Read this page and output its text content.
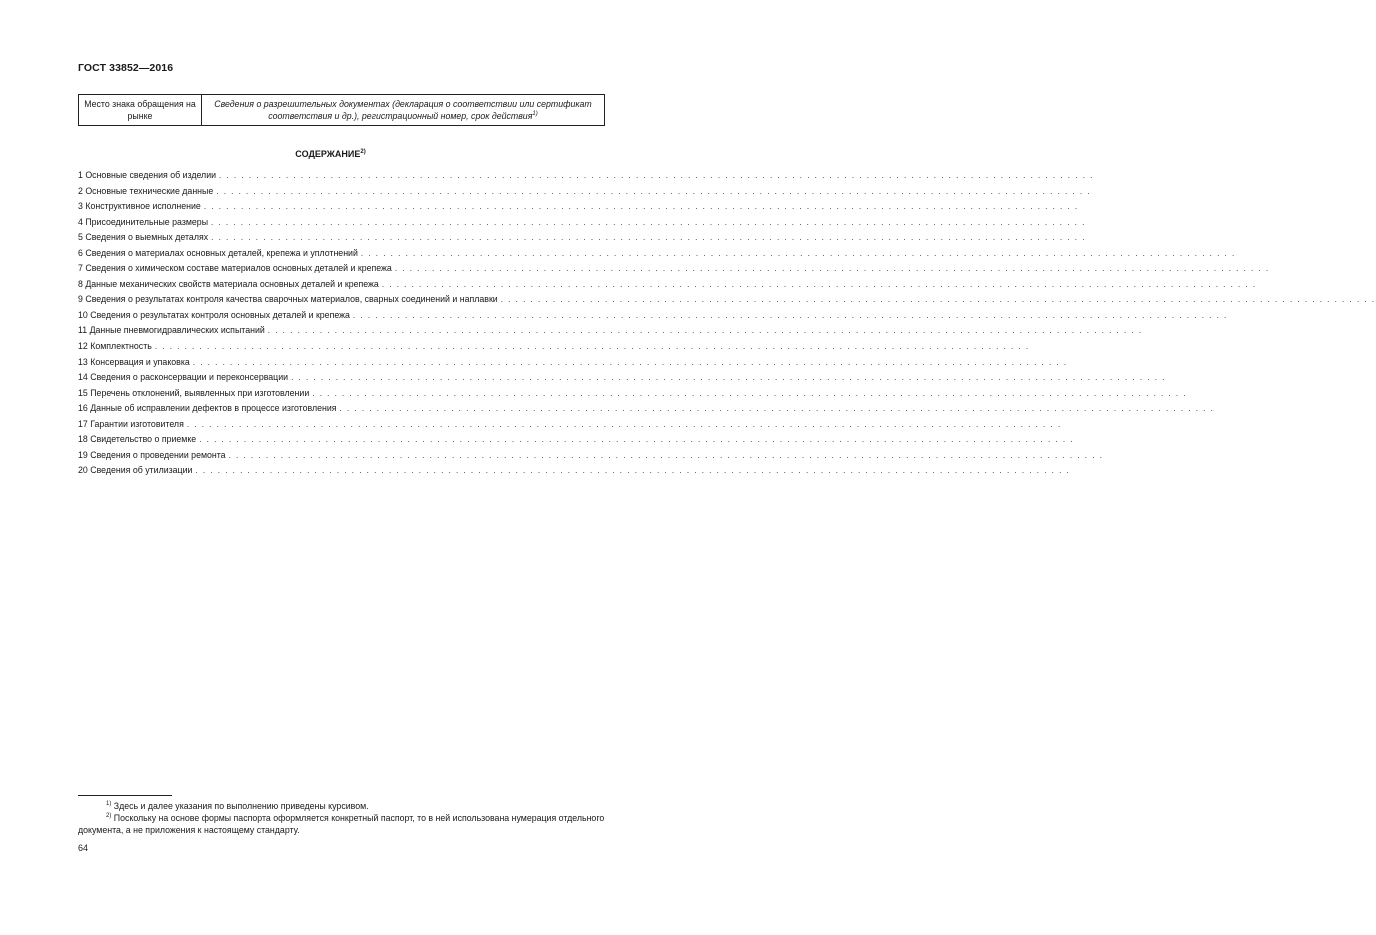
ГОСТ 33852—2016
Место знака обращения на рынке	Сведения о разрешительных документах (декларация о соответствии или сертификат соответствия и др.), регистрационный номер, срок действия$^{1)}$
СОДЕРЖАНИЕ$^{2)}$
1 Основные сведения об изделии . . . . . . . . . . . . . . . . . . . . . . . . . . . . . . . . . . . . . . . . . . . . . . . . . . . . . . . . . . . . . . . . . . . . . . . . . . . . . . . . . . . . . . . . . . . . . . . . . . . . . . . . . . . . . . . . . . . . . .
2 Основные технические данные . . . . . . . . . . . . . . . . . . . . . . . . . . . . . . . . . . . . . . . . . . . . . . . . . . . . . . . . . . . . . . . . . . . . . . . . . . . . . . . . . . . . . . . . . . . . . . . . . . . . . . . . . . . . . . . . . . . . . .
3 Конструктивное исполнение . . . . . . . . . . . . . . . . . . . . . . . . . . . . . . . . . . . . . . . . . . . . . . . . . . . . . . . . . . . . . . . . . . . . . . . . . . . . . . . . . . . . . . . . . . . . . . . . . . . . . . . . . . . . . . . . . . . . . .
4 Присоединительные размеры . . . . . . . . . . . . . . . . . . . . . . . . . . . . . . . . . . . . . . . . . . . . . . . . . . . . . . . . . . . . . . . . . . . . . . . . . . . . . . . . . . . . . . . . . . . . . . . . . . . . . . . . . . . . . . . . . . . . . .
5 Сведения о выемных деталях . . . . . . . . . . . . . . . . . . . . . . . . . . . . . . . . . . . . . . . . . . . . . . . . . . . . . . . . . . . . . . . . . . . . . . . . . . . . . . . . . . . . . . . . . . . . . . . . . . . . . . . . . . . . . . . . . . . . . .
6 Сведения о материалах основных деталей, крепежа и уплотнений . . . . . . . . . . . . . . . . . . . . . . . . . . . . . . . . . . . . . . . . . . . . . . . . . . . . . . . . . . . . . . . . . . . . . . . . . . . . . . . . . . . . . . . . . . . . . . . . . . . . . . . . . . . . . . . . . . . . . .
7 Сведения о химическом составе материалов основных деталей и крепежа . . . . . . . . . . . . . . . . . . . . . . . . . . . . . . . . . . . . . . . . . . . . . . . . . . . . . . . . . . . . . . . . . . . . . . . . . . . . . . . . . . . . . . . . . . . . . . . . . . . . . . . . . . . . . . . . . . . . . .
8 Данные механических свойств материала основных деталей и крепежа . . . . . . . . . . . . . . . . . . . . . . . . . . . . . . . . . . . . . . . . . . . . . . . . . . . . . . . . . . . . . . . . . . . . . . . . . . . . . . . . . . . . . . . . . . . . . . . . . . . . . . . . . . . . . . . . . . . . . .
9 Сведения о результатах контроля качества сварочных материалов, сварных соединений и наплавки . . . . . . . . . . . . . . . . . . . . . . . . . . . . . . . . . . . . . . . . . . . . . . . . . . . . . . . . . . . . . . . . . . . . . . . . . . . . . . . . . . . . . . . . . . . . . . . . . . . . . . . . . . . . . . . . . . . . . .
10 Сведения о результатах контроля основных деталей и крепежа . . . . . . . . . . . . . . . . . . . . . . . . . . . . . . . . . . . . . . . . . . . . . . . . . . . . . . . . . . . . . . . . . . . . . . . . . . . . . . . . . . . . . . . . . . . . . . . . . . . . . . . . . . . . . . . . . . . . . .
11 Данные пневмогидравлических испытаний . . . . . . . . . . . . . . . . . . . . . . . . . . . . . . . . . . . . . . . . . . . . . . . . . . . . . . . . . . . . . . . . . . . . . . . . . . . . . . . . . . . . . . . . . . . . . . . . . . . . . . . . . . . . . . . . . . . . . .
12 Комплектность . . . . . . . . . . . . . . . . . . . . . . . . . . . . . . . . . . . . . . . . . . . . . . . . . . . . . . . . . . . . . . . . . . . . . . . . . . . . . . . . . . . . . . . . . . . . . . . . . . . . . . . . . . . . . . . . . . . . . .
13 Консервация и упаковка . . . . . . . . . . . . . . . . . . . . . . . . . . . . . . . . . . . . . . . . . . . . . . . . . . . . . . . . . . . . . . . . . . . . . . . . . . . . . . . . . . . . . . . . . . . . . . . . . . . . . . . . . . . . . . . . . . . . . .
14 Сведения о расконсервации и переконсервации . . . . . . . . . . . . . . . . . . . . . . . . . . . . . . . . . . . . . . . . . . . . . . . . . . . . . . . . . . . . . . . . . . . . . . . . . . . . . . . . . . . . . . . . . . . . . . . . . . . . . . . . . . . . . . . . . . . . . .
15 Перечень отклонений, выявленных при изготовлении . . . . . . . . . . . . . . . . . . . . . . . . . . . . . . . . . . . . . . . . . . . . . . . . . . . . . . . . . . . . . . . . . . . . . . . . . . . . . . . . . . . . . . . . . . . . . . . . . . . . . . . . . . . . . . . . . . . . . .
16 Данные об исправлении дефектов в процессе изготовления . . . . . . . . . . . . . . . . . . . . . . . . . . . . . . . . . . . . . . . . . . . . . . . . . . . . . . . . . . . . . . . . . . . . . . . . . . . . . . . . . . . . . . . . . . . . . . . . . . . . . . . . . . . . . . . . . . . . . .
17 Гарантии изготовителя . . . . . . . . . . . . . . . . . . . . . . . . . . . . . . . . . . . . . . . . . . . . . . . . . . . . . . . . . . . . . . . . . . . . . . . . . . . . . . . . . . . . . . . . . . . . . . . . . . . . . . . . . . . . . . . . . . . . . .
18 Свидетельство о приемке . . . . . . . . . . . . . . . . . . . . . . . . . . . . . . . . . . . . . . . . . . . . . . . . . . . . . . . . . . . . . . . . . . . . . . . . . . . . . . . . . . . . . . . . . . . . . . . . . . . . . . . . . . . . . . . . . . . . . .
19 Сведения о проведении ремонта . . . . . . . . . . . . . . . . . . . . . . . . . . . . . . . . . . . . . . . . . . . . . . . . . . . . . . . . . . . . . . . . . . . . . . . . . . . . . . . . . . . . . . . . . . . . . . . . . . . . . . . . . . . . . . . . . . . . . .
20 Сведения об утилизации . . . . . . . . . . . . . . . . . . . . . . . . . . . . . . . . . . . . . . . . . . . . . . . . . . . . . . . . . . . . . . . . . . . . . . . . . . . . . . . . . . . . . . . . . . . . . . . . . . . . . . . . . . . . . . . . . . . . . .

$^{1)}$ Здесь и далее указания по выполнению приведены курсивом.

$^{2)}$ Поскольку на основе формы паспорта оформляется конкретный паспорт, то в ней использована нумерация отдельного документа, а не приложения к настоящему стандарту.

64
